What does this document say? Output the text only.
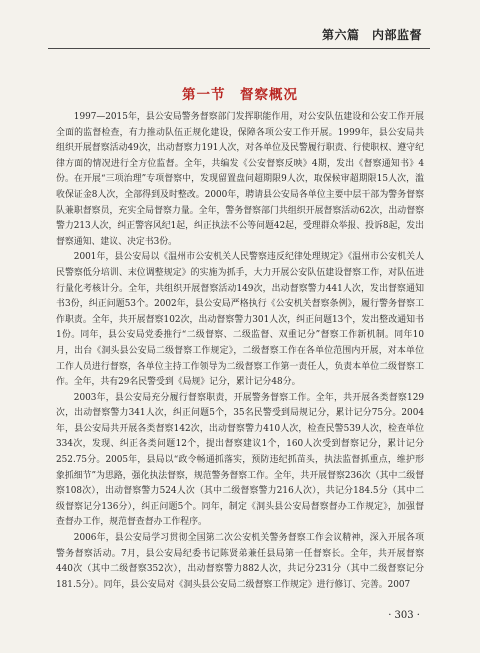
第六篇　内部监督
第一节　督察概况

1997—2015年，县公安局警务督察部门发挥职能作用，对公安队伍建设和公安工作开展全面的监督检查，有力推动队伍正规化建设，保障各项公安工作开展。1999年，县公安局共组织开展督察活动49次，出动督察力191人次，对各单位及民警履行职责、行使职权、遵守纪律方面的情况进行全方位监督。全年，共编发《公安督察反映》4期，发出《督察通知书》4份。在开展“三项治理”专项督察中，发现留置盘问超期限9人次，取保候审超期限15人次，滥收保证金8人次，全部得到及时整改。2000年，聘请县公安局各单位主要中层干部为警务督察队兼职督察员，充实全局督察力量。全年，警务督察部门共组织开展督察活动62次，出动督察警力213人次，纠正警容风纪1起，纠正执法不公等问题42起，受理群众举报、投诉8起，发出督察通知、建议、决定书3份。

2001年，县公安局以《温州市公安机关人民警察违反纪律处理规定》《温州市公安机关人民警察低分培训、末位调整规定》的实施为抓手，大力开展公安队伍建设督察工作，对队伍进行量化考核计分。全年，共组织开展督察活动149次，出动督察警力441人次，发出督察通知书3份，纠正问题53个。2002年，县公安局严格执行《公安机关督察条例》，履行警务督察工作职责。全年，共开展督察102次，出动督察警力301人次，纠正问题13个，发出整改通知书1份。同年，县公安局党委推行“二级督察、二级监督、双重记分”督察工作新机制。同年10月，出台《洞头县公安局二级督察工作规定》，二级督察工作在各单位范围内开展，对本单位工作人员进行督察，各单位主持工作领导为二级督察工作第一责任人，负责本单位二级督察工作。全年，共有29名民警受到《局规》记分，累计记分48分。

2003年，县公安局充分履行督察职责，开展警务督察工作。全年，共开展各类督察129次，出动督察警力341人次，纠正问题5个，35名民警受到局规记分，累计记分75分。2004年，县公安局共开展各类督察142次，出动督察警力410人次，检查民警539人次，检查单位334次，发现、纠正各类问题12个，提出督察建议1个，160人次受到督察记分，累计记分252.75分。2005年，县局以“政令畅通抓落实，预防违纪抓苗头，执法监督抓重点，维护形象抓细节”为思路，强化执法督察，规范警务督察工作。全年，共开展督察236次（其中二级督察108次），出动督察警力524人次（其中二级督察警力216人次），共记分184.5分（其中二级督察记分136分），纠正问题5个。同年，制定《洞头县公安局督察督办工作规定》，加强督查督办工作，规范督查督办工作程序。

2006年，县公安局学习贯彻全国第二次公安机关警务督察工作会议精神，深入开展各项警务督察活动。7月，县公安局纪委书记陈贤弟兼任县局第一任督察长。全年，共开展督察440次（其中二级督察352次），出动督察警力882人次，共记分231分（其中二级督察记分181.5分）。同年，县公安局对《洞头县公安局二级督察工作规定》进行修订、完善。2007

· 303 ·
